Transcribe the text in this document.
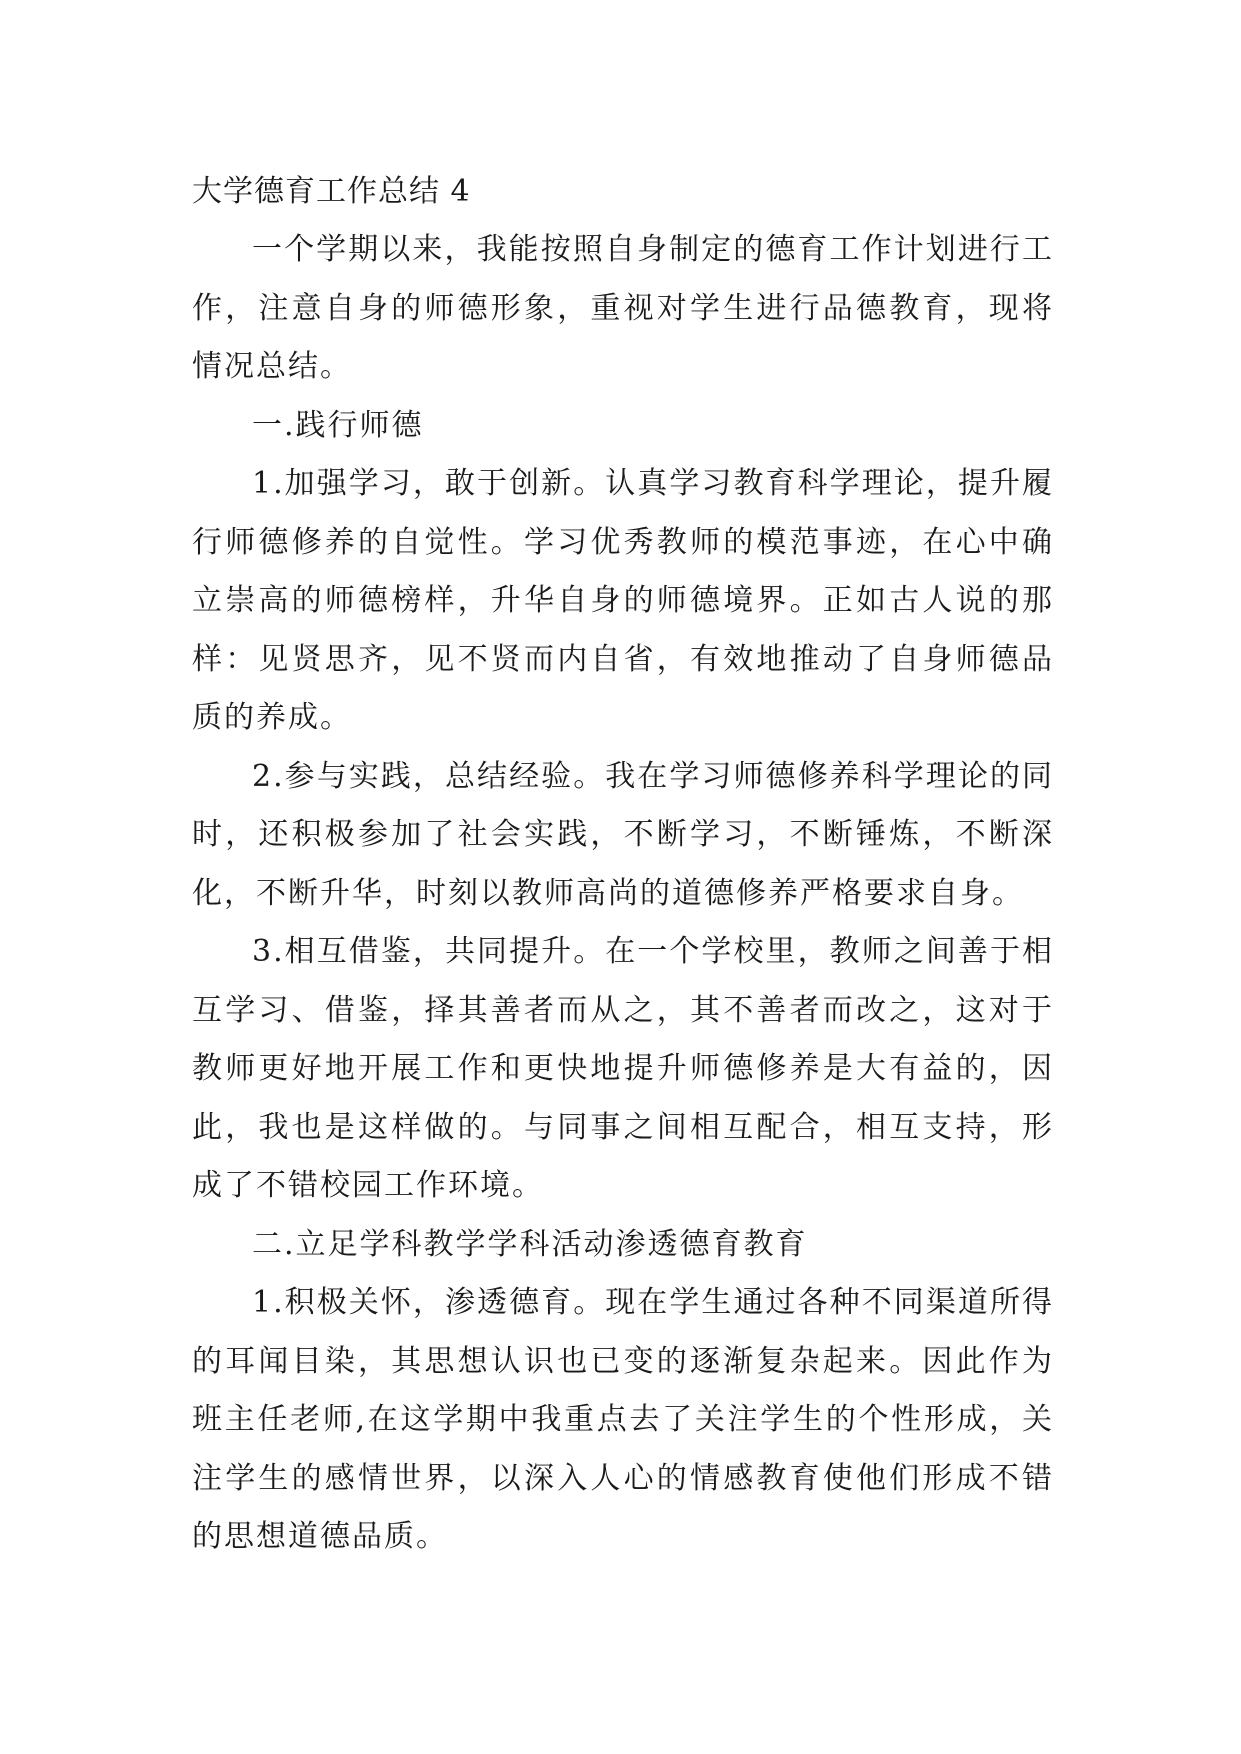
大学德育工作总结 4

一个学期以来，我能按照自身制定的德育工作计划进行工作，注意自身的师德形象，重视对学生进行品德教育，现将情况总结。

一.践行师德

1.加强学习，敢于创新。认真学习教育科学理论，提升履行师德修养的自觉性。学习优秀教师的模范事迹，在心中确立崇高的师德榜样，升华自身的师德境界。正如古人说的那样：见贤思齐，见不贤而内自省，有效地推动了自身师德品质的养成。

2.参与实践，总结经验。我在学习师德修养科学理论的同时，还积极参加了社会实践，不断学习，不断锤炼，不断深化，不断升华，时刻以教师高尚的道德修养严格要求自身。

3.相互借鉴，共同提升。在一个学校里，教师之间善于相互学习、借鉴，择其善者而从之，其不善者而改之，这对于教师更好地开展工作和更快地提升师德修养是大有益的，因此，我也是这样做的。与同事之间相互配合，相互支持，形成了不错校园工作环境。

二.立足学科教学学科活动渗透德育教育

1.积极关怀，渗透德育。现在学生通过各种不同渠道所得的耳闻目染，其思想认识也已变的逐渐复杂起来。因此作为班主任老师,在这学期中我重点去了关注学生的个性形成，关注学生的感情世界，以深入人心的情感教育使他们形成不错的思想道德品质。
